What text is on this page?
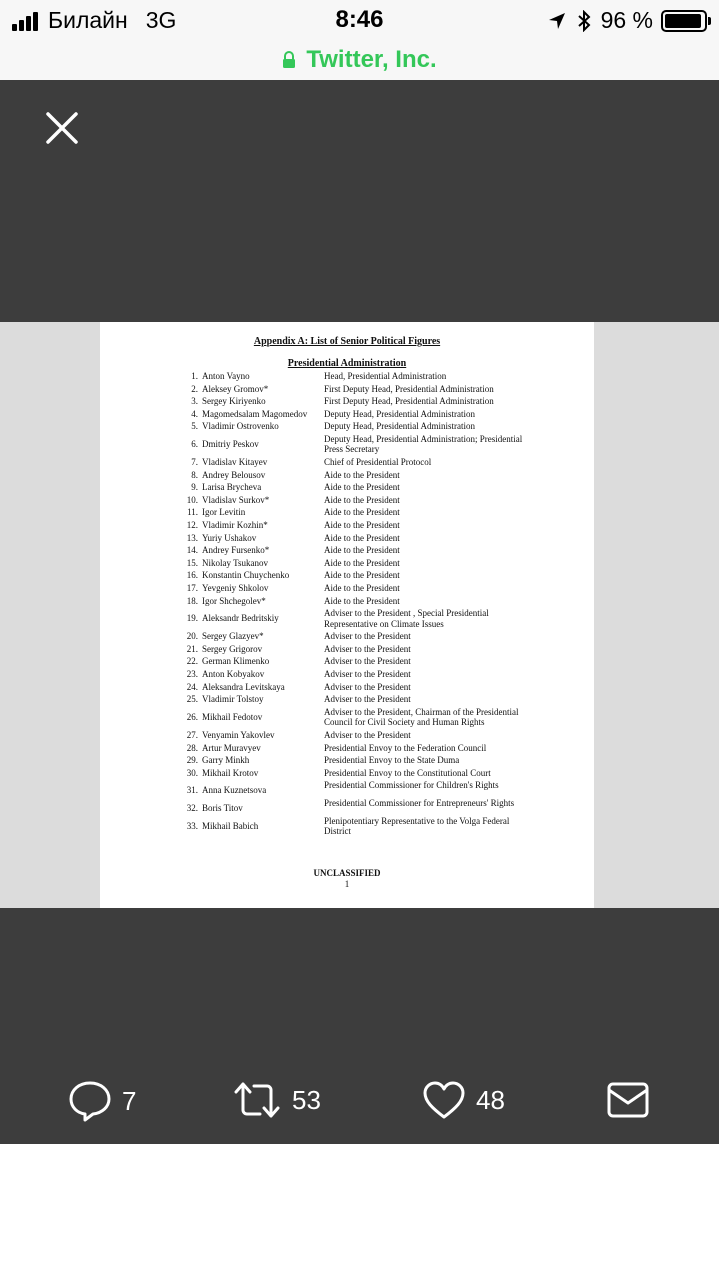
Билайн 3G	8:46	96 %
Twitter, Inc.
Appendix A: List of Senior Political Figures
Presidential Administration
1. Anton Vayno	Head, Presidential Administration
2. Aleksey Gromov*	First Deputy Head, Presidential Administration
3. Sergey Kiriyenko	First Deputy Head, Presidential Administration
4. Magomedsalam Magomedov	Deputy Head, Presidential Administration
5. Vladimir Ostrovenko	Deputy Head, Presidential Administration
6. Dmitriy Peskov	Deputy Head, Presidential Administration; Presidential Press Secretary
7. Vladislav Kitayev	Chief of Presidential Protocol
8. Andrey Belousov	Aide to the President
9. Larisa Brycheva	Aide to the President
10. Vladislav Surkov*	Aide to the President
11. Igor Levitin	Aide to the President
12. Vladimir Kozhin*	Aide to the President
13. Yuriy Ushakov	Aide to the President
14. Andrey Fursenko*	Aide to the President
15. Nikolay Tsukanov	Aide to the President
16. Konstantin Chuychenko	Aide to the President
17. Yevgeniy Shkolov	Aide to the President
18. Igor Shchegolev*	Aide to the President
19. Aleksandr Bedritskiy	Adviser to the President , Special Presidential Representative on Climate Issues
20. Sergey Glazyev*	Adviser to the President
21. Sergey Grigorov	Adviser to the President
22. German Klimenko	Adviser to the President
23. Anton Kobyakov	Adviser to the President
24. Aleksandra Levitskaya	Adviser to the President
25. Vladimir Tolstoy	Adviser to the President
26. Mikhail Fedotov	Adviser to the President, Chairman of the Presidential Council for Civil Society and Human Rights
27. Venyamin Yakovlev	Adviser to the President
28. Artur Muravyev	Presidential Envoy to the Federation Council
29. Garry Minkh	Presidential Envoy to the State Duma
30. Mikhail Krotov	Presidential Envoy to the Constitutional Court
31. Anna Kuznetsova	Presidential Commissioner for Children's Rights
32. Boris Titov	Presidential Commissioner for Entrepreneurs' Rights
33. Mikhail Babich	Plenipotentiary Representative to the Volga Federal District
UNCLASSIFIED
1
7	53	48
